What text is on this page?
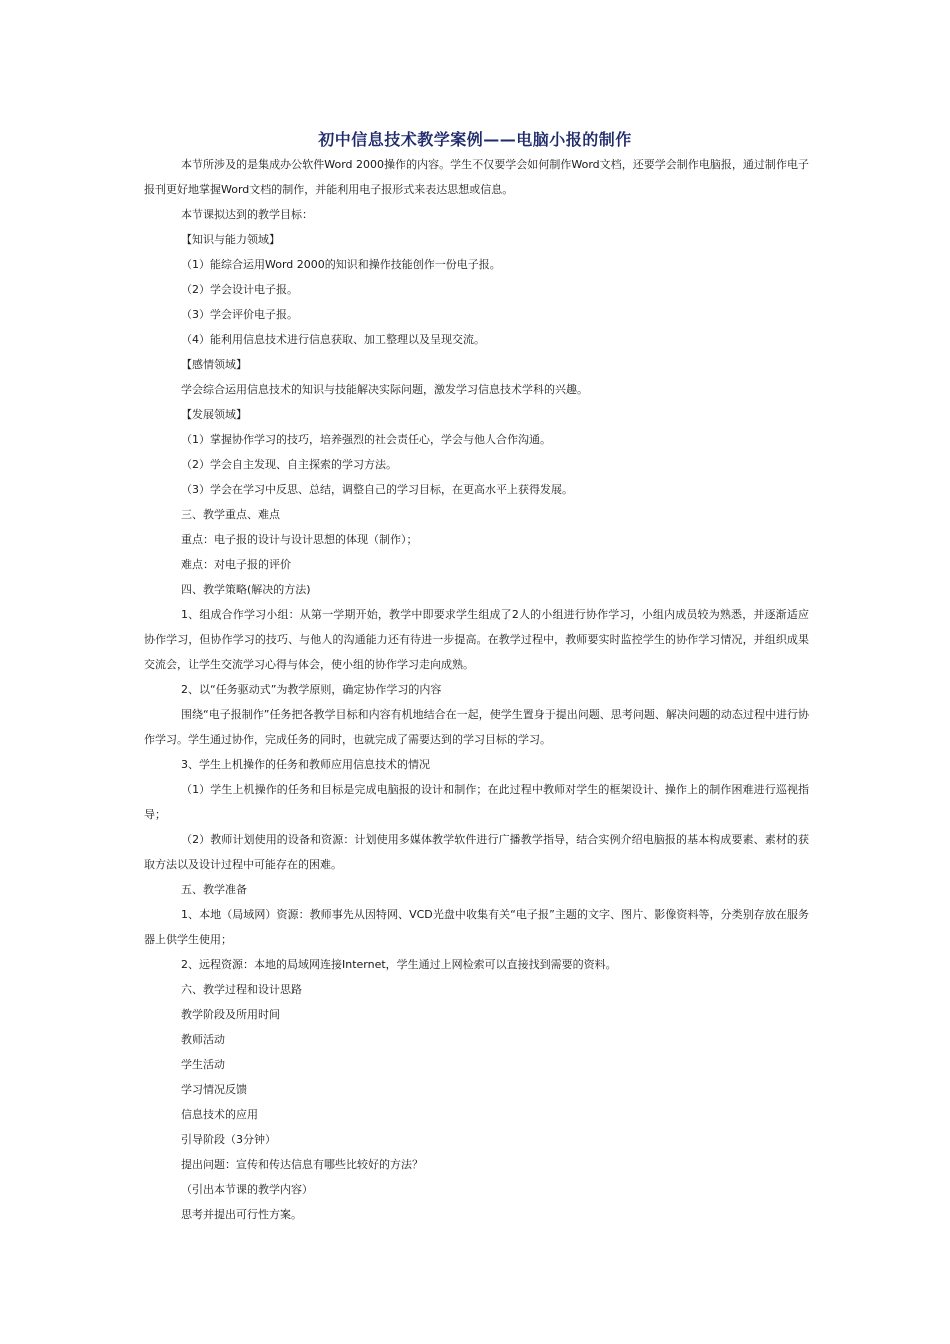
初中信息技术教学案例——电脑小报的制作

本节所涉及的是集成办公软件Word 2000操作的内容。学生不仅要学会如何制作Word文档，还要学会制作电脑报，通过制作电子报刊更好地掌握Word文档的制作，并能利用电子报形式来表达思想或信息。

本节课拟达到的教学目标：

【知识与能力领域】

（1）能综合运用Word 2000的知识和操作技能创作一份电子报。

（2）学会设计电子报。

（3）学会评价电子报。

（4）能利用信息技术进行信息获取、加工整理以及呈现交流。

【感情领域】

学会综合运用信息技术的知识与技能解决实际问题，激发学习信息技术学科的兴趣。

【发展领域】

（1）掌握协作学习的技巧，培养强烈的社会责任心，学会与他人合作沟通。

（2）学会自主发现、自主探索的学习方法。

（3）学会在学习中反思、总结，调整自己的学习目标，在更高水平上获得发展。

三、教学重点、难点

重点：电子报的设计与设计思想的体现（制作）；

难点：对电子报的评价

四、教学策略(解决的方法)

1、组成合作学习小组：从第一学期开始，教学中即要求学生组成了2人的小组进行协作学习，小组内成员较为熟悉，并逐渐适应协作学习，但协作学习的技巧、与他人的沟通能力还有待进一步提高。在教学过程中，教师要实时监控学生的协作学习情况，并组织成果交流会，让学生交流学习心得与体会，使小组的协作学习走向成熟。

2、以“任务驱动式”为教学原则，确定协作学习的内容

围绕“电子报制作”任务把各教学目标和内容有机地结合在一起，使学生置身于提出问题、思考问题、解决问题的动态过程中进行协作学习。学生通过协作，完成任务的同时，也就完成了需要达到的学习目标的学习。

3、学生上机操作的任务和教师应用信息技术的情况

（1）学生上机操作的任务和目标是完成电脑报的设计和制作；在此过程中教师对学生的框架设计、操作上的制作困难进行巡视指导；

（2）教师计划使用的设备和资源：计划使用多媒体教学软件进行广播教学指导，结合实例介绍电脑报的基本构成要素、素材的获取方法以及设计过程中可能存在的困难。

五、教学准备

1、本地（局域网）资源：教师事先从因特网、VCD光盘中收集有关“电子报”主题的文字、图片、影像资料等，分类别存放在服务器上供学生使用；

2、远程资源：本地的局域网连接Internet，学生通过上网检索可以直接找到需要的资料。

六、教学过程和设计思路

教学阶段及所用时间

教师活动

学生活动

学习情况反馈

信息技术的应用

引导阶段（3分钟）

提出问题：宣传和传达信息有哪些比较好的方法？

（引出本节课的教学内容）

思考并提出可行性方案。
